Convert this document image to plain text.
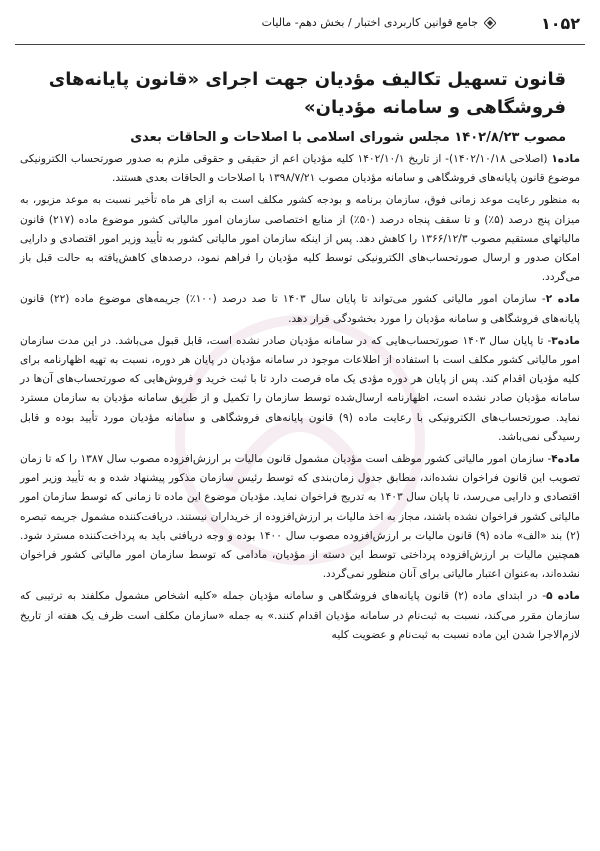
۱۰۵۲
جامع قوانین کاربردی اختبار / بخش دهم- مالیات
قانون تسهیل تکالیف مؤدیان جهت اجرای «قانون پایانه‌های فروشگاهی و سامانه مؤدیان»
مصوب ۱۴۰۲/۸/۲۳ مجلس شورای اسلامی با اصلاحات و الحاقات بعدی

ماده۱ (اصلاحی ۱۴۰۲/۱۰/۱۸)- از تاریخ ۱۴۰۲/۱۰/۱ کلیه مؤدیان اعم از حقیقی و حقوقی ملزم به صدور صورتحساب الکترونیکی موضوع قانون پایانه‌های فروشگاهی و سامانه مؤدیان مصوب ۱۳۹۸/۷/۲۱ با اصلاحات و الحاقات بعدی هستند.

به منظور رعایت موعد زمانی فوق، سازمان برنامه و بودجه کشور مکلف است به ازای هر ماه تأخیر نسبت به موعد مزبور، به میزان پنج درصد (۵٪) و تا سقف پنجاه درصد (۵۰٪) از منابع اختصاصی سازمان امور مالیاتی کشور موضوع ماده (۲۱۷) قانون مالیاتهای مستقیم مصوب ۱۳۶۶/۱۲/۳ را کاهش دهد. پس از اینکه سازمان امور مالیاتی کشور به تأیید وزیر امور اقتصادی و دارایی امکان صدور و ارسال صورتحساب‌های الکترونیکی توسط کلیه مؤدیان را فراهم نمود، درصدهای کاهش‌یافته به حالت قبل باز می‌گردد.

ماده ۲- سازمان امور مالیاتی کشور می‌تواند تا پایان سال ۱۴۰۳ تا صد درصد (۱۰۰٪) جریمه‌های موضوع ماده (۲۲) قانون پایانه‌های فروشگاهی و سامانه مؤدیان را مورد بخشودگی قرار دهد.

ماده۳- تا پایان سال ۱۴۰۳ صورتحساب‌هایی که در سامانه مؤدیان صادر نشده است، قابل قبول می‌باشد. در این مدت سازمان امور مالیاتی کشور مکلف است با استفاده از اطلاعات موجود در سامانه مؤدیان در پایان هر دوره، نسبت به تهیه اظهارنامه برای کلیه مؤدیان اقدام کند. پس از پایان هر دوره مؤدی یک ماه فرصت دارد تا با ثبت خرید و فروش‌هایی که صورتحساب‌های آن‌ها در سامانه مؤدیان صادر نشده است، اظهارنامه ارسال‌شده توسط سازمان را تکمیل و از طریق سامانه مؤدیان به سازمان مسترد نماید. صورتحساب‌های الکترونیکی با رعایت ماده (۹) قانون پایانه‌های فروشگاهی و سامانه مؤدیان مورد تأیید بوده و قابل رسیدگی نمی‌باشد.

ماده۴- سازمان امور مالیاتی کشور موظف است مؤدیان مشمول قانون مالیات بر ارزش‌افزوده مصوب سال ۱۳۸۷ را که تا زمان تصویب این قانون فراخوان نشده‌اند، مطابق جدول زمان‌بندی که توسط رئیس سازمان مذکور پیشنهاد شده و به تأیید وزیر امور اقتصادی و دارایی می‌رسد، تا پایان سال ۱۴۰۳ به تدریج فراخوان نماید. مؤدیان موضوع این ماده تا زمانی که توسط سازمان امور مالیاتی کشور فراخوان نشده باشند، مجاز به اخذ مالیات بر ارزش‌افزوده از خریداران نیستند. دریافت‌کننده مشمول جریمه تبصره (۲) بند «الف» ماده (۹) قانون مالیات بر ارزش‌افزوده مصوب سال ۱۴۰۰ بوده و وجه دریافتی باید به پرداخت‌کننده مسترد شود. همچنین مالیات بر ارزش‌افزوده پرداختی توسط این دسته از مؤدیان، مادامی که توسط سازمان امور مالیاتی کشور فراخوان نشده‌اند، به‌عنوان اعتبار مالیاتی برای آنان منظور نمی‌گردد.

ماده ۵- در ابتدای ماده (۲) قانون پایانه‌های فروشگاهی و سامانه مؤدیان جمله «کلیه اشخاص مشمول مکلفند به ترتیبی که سازمان مقرر می‌کند، نسبت به ثبت‌نام در سامانه مؤدیان اقدام کنند.» به جمله «سازمان مکلف است ظرف یک هفته از تاریخ لازم‌الاجرا شدن این ماده نسبت به ثبت‌نام و عضویت کلیه
